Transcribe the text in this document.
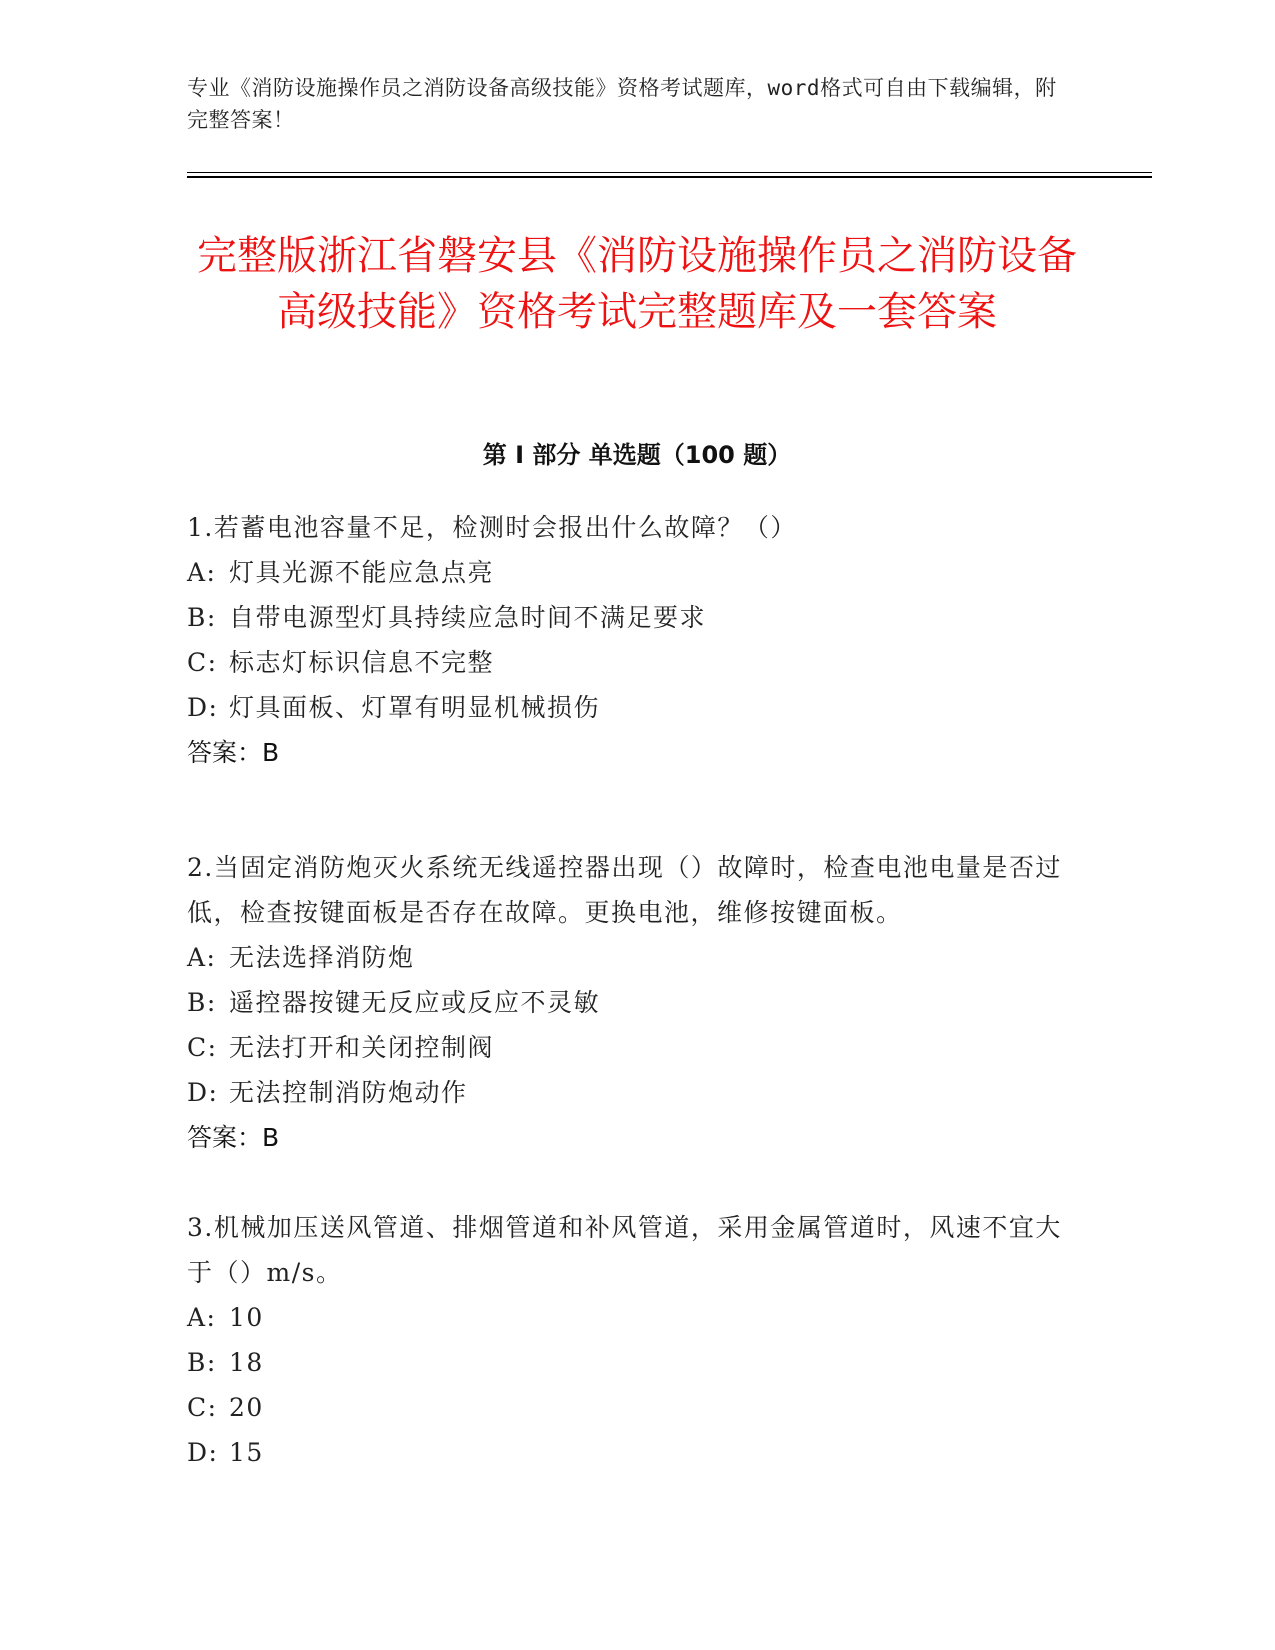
专业《消防设施操作员之消防设备高级技能》资格考试题库，word格式可自由下载编辑，附完整答案！
完整版浙江省磐安县《消防设施操作员之消防设备高级技能》资格考试完整题库及一套答案
第 I 部分 单选题（100 题）

1.若蓄电池容量不足，检测时会报出什么故障？（）

A: 灯具光源不能应急点亮
B: 自带电源型灯具持续应急时间不满足要求
C: 标志灯标识信息不完整
D: 灯具面板、灯罩有明显机械损伤

答案：B

2.当固定消防炮灭火系统无线遥控器出现（）故障时，检查电池电量是否过低，检查按键面板是否存在故障。更换电池，维修按键面板。

A: 无法选择消防炮
B: 遥控器按键无反应或反应不灵敏
C: 无法打开和关闭控制阀
D: 无法控制消防炮动作

答案：B

3.机械加压送风管道、排烟管道和补风管道，采用金属管道时，风速不宜大于（）m/s。

A: 10
B: 18
C: 20
D: 15
